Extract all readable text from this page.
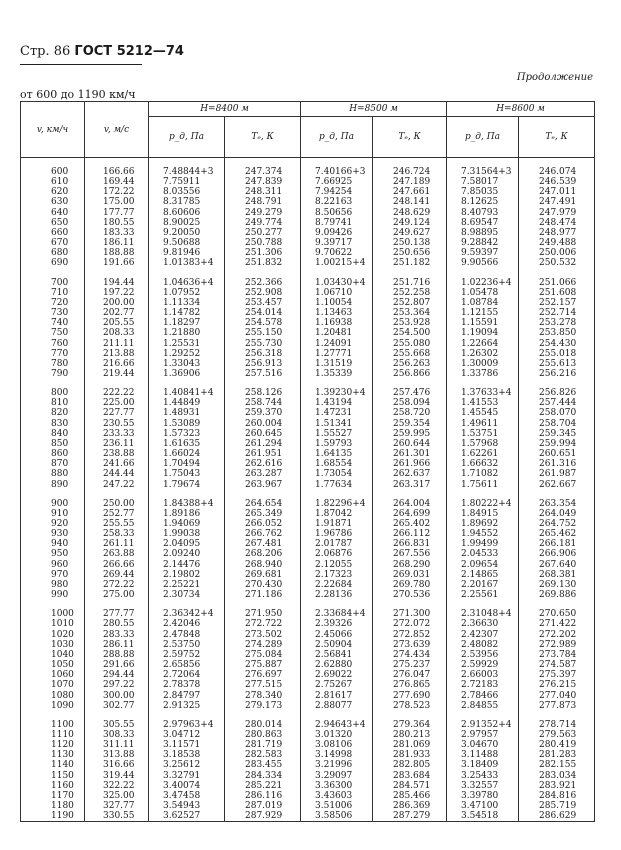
Стр. 86 ГОСТ 5212—74
Продолжение
от 600 до 1190 км/ч
v, км/ч	v, м/с	H=8400 м		H=8500 м		H=8600 м	
		p_д, Па	Tₑ, К	p_д, Па	Tₑ, К	p_д, Па	Tₑ, К

600	166.66	7.48844+3	247.374	7.40166+3	246.724	7.31564+3	246.074
610	169.44	7.75911	247.839	7.66925	247.189	7.58017	246.539
620	172.22	8.03556	248.311	7.94254	247.661	7.85035	247.011
630	175.00	8.31785	248.791	8.22163	248.141	8.12625	247.491
640	177.77	8.60606	249.279	8.50656	248.629	8.40793	247.979
650	180.55	8.90025	249.774	8.79741	249.124	8.69547	248.474
660	183.33	9.20050	250.277	9.09426	249.627	8.98895	248.977
670	186.11	9.50688	250.788	9.39717	250.138	9.28842	249.488
680	188.88	9.81946	251.306	9.70622	250.656	9.59397	250.006
690	191.66	1.01383+4	251.832	1.00215+4	251.182	9.90566	250.532

700	194.44	1.04636+4	252.366	1.03430+4	251.716	1.02236+4	251.066
710	197.22	1.07952	252.908	1.06710	252.258	1.05478	251.608
720	200.00	1.11334	253.457	1.10054	252.807	1.08784	252.157
730	202.77	1.14782	254.014	1.13463	253.364	1.12155	252.714
740	205.55	1.18297	254.578	1.16938	253.928	1.15591	253.278
750	208.33	1.21880	255.150	1.20481	254.500	1.19094	253.850
760	211.11	1.25531	255.730	1.24091	255.080	1.22664	254.430
770	213.88	1.29252	256.318	1.27771	255.668	1.26302	255.018
780	216.66	1.33043	256.913	1.31519	256.263	1.30009	255.613
790	219.44	1.36906	257.516	1.35339	256.866	1.33786	256.216

800	222.22	1.40841+4	258.126	1.39230+4	257.476	1.37633+4	256.826
810	225.00	1.44849	258.744	1.43194	258.094	1.41553	257.444
820	227.77	1.48931	259.370	1.47231	258.720	1.45545	258.070
830	230.55	1.53089	260.004	1.51341	259.354	1.49611	258.704
840	233.33	1.57323	260.645	1.55527	259.995	1.53751	259.345
850	236.11	1.61635	261.294	1.59793	260.644	1.57968	259.994
860	238.88	1.66024	261.951	1.64135	261.301	1.62261	260.651
870	241.66	1.70494	262.616	1.68554	261.966	1.66632	261.316
880	244.44	1.75043	263.287	1.73054	262.637	1.71082	261.987
890	247.22	1.79674	263.967	1.77634	263.317	1.75611	262.667

900	250.00	1.84388+4	264.654	1.82296+4	264.004	1.80222+4	263.354
910	252.77	1.89186	265.349	1.87042	264.699	1.84915	264.049
920	255.55	1.94069	266.052	1.91871	265.402	1.89692	264.752
930	258.33	1.99038	266.762	1.96786	266.112	1.94552	265.462
940	261.11	2.04095	267.481	2.01787	266.831	1.99499	266.181
950	263.88	2.09240	268.206	2.06876	267.556	2.04533	266.906
960	266.66	2.14476	268.940	2.12055	268.290	2.09654	267.640
970	269.44	2.19802	269.681	2.17323	269.031	2.14865	268.381
980	272.22	2.25221	270.430	2.22684	269.780	2.20167	269.130
990	275.00	2.30734	271.186	2.28136	270.536	2.25561	269.886

1000	277.77	2.36342+4	271.950	2.33684+4	271.300	2.31048+4	270.650
1010	280.55	2.42046	272.722	2.39326	272.072	2.36630	271.422
1020	283.33	2.47848	273.502	2.45066	272.852	2.42307	272.202
1030	286.11	2.53750	274.289	2.50904	273.639	2.48082	272.989
1040	288.88	2.59752	275.084	2.56841	274.434	2.53956	273.784
1050	291.66	2.65856	275.887	2.62880	275.237	2.59929	274.587
1060	294.44	2.72064	276.697	2.69022	276.047	2.66003	275.397
1070	297.22	2.78378	277.515	2.75267	276.865	2.72183	276.215
1080	300.00	2.84797	278.340	2.81617	277.690	2.78466	277.040
1090	302.77	2.91325	279.173	2.88077	278.523	2.84855	277.873

1100	305.55	2.97963+4	280.014	2.94643+4	279.364	2.91352+4	278.714
1110	308.33	3.04712	280.863	3.01320	280.213	2.97957	279.563
1120	311.11	3.11571	281.719	3.08106	281.069	3.04670	280.419
1130	313.88	3.18538	282.583	3.14998	281.933	3.11488	281.283
1140	316.66	3.25612	283.455	3.21996	282.805	3.18409	282.155
1150	319.44	3.32791	284.334	3.29097	283.684	3.25433	283.034
1160	322.22	3.40074	285.221	3.36300	284.571	3.32557	283.921
1170	325.00	3.47458	286.116	3.43603	285.466	3.39780	284.816
1180	327.77	3.54943	287.019	3.51006	286.369	3.47100	285.719
1190	330.55	3.62527	287.929	3.58506	287.279	3.54518	286.629
